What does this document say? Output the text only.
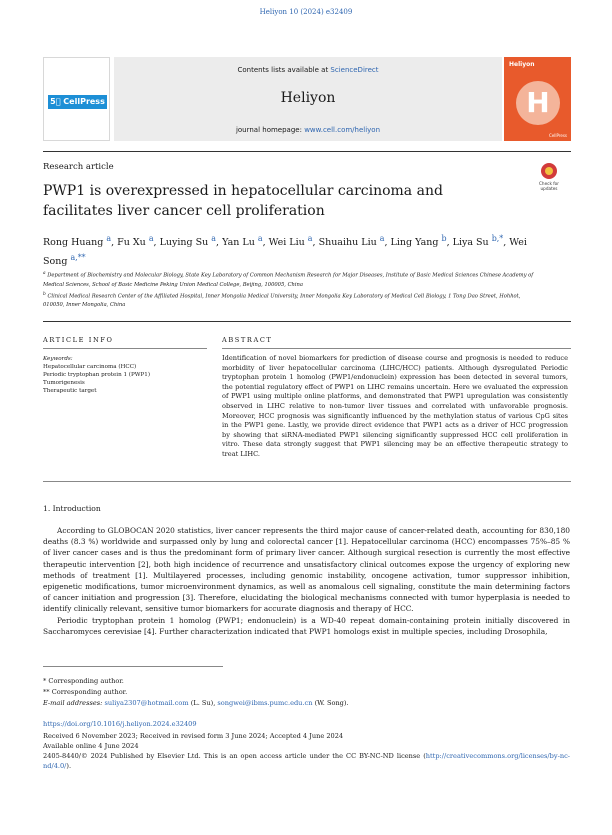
Heliyon 10 (2024) e32409
5⃝ CellPress
Contents lists available at ScienceDirect
Heliyon
journal homepage: www.cell.com/heliyon
Heliyon
H
CellPress
Research article
PWP1 is overexpressed in hepatocellular carcinoma and facilitates liver cancer cell proliferation
Check for updates
Rong Huang $^a$, Fu Xu $^a$, Luying Su $^a$, Yan Lu $^a$, Wei Liu $^a$, Shuaihu Liu $^a$, Ling Yang $^b$, Liya Su $^{b,*}$, Wei Song $^{a,**}$
$^a$ Department of Biochemistry and Molecular Biology, State Key Laboratory of Common Mechanism Research for Major Diseases, Institute of Basic Medical Sciences Chinese Academy of Medical Sciences, School of Basic Medicine Peking Union Medical College, Beijing, 100005, China
$^b$ Clinical Medical Research Center of the Affiliated Hospital, Inner Mongolia Medical University, Inner Mongolia Key Laboratory of Medical Cell Biology, 1 Tong Dao Street, Hohhot, 010050, Inner Mongolia, China
ARTICLE INFO	ABSTRACT
Keywords:
Hepatocellular carcinoma (HCC)
Periodic tryptophan protein 1 (PWP1)
Tumorigenesis
Therapeutic target
Identification of novel biomarkers for prediction of disease course and prognosis is needed to reduce morbidity of liver hepatocellular carcinoma (LIHC/HCC) patients. Although dysregulated Periodic tryptophan protein 1 homolog (PWP1/endonuclein) expression has been detected in several tumors, the potential regulatory effect of PWP1 on LIHC remains uncertain. Here we evaluated the expression of PWP1 using multiple online platforms, and demonstrated that PWP1 upregulation was consistently observed in LIHC relative to non-tumor liver tissues and correlated with unfavorable prognosis. Moreover, HCC prognosis was significantly influenced by the methylation status of various CpG sites in the PWP1 gene. Lastly, we provide direct evidence that PWP1 acts as a driver of HCC progression by showing that siRNA-mediated PWP1 silencing significantly suppressed HCC cell proliferation in vitro. These data strongly suggest that PWP1 silencing may be an effective therapeutic strategy to treat LIHC.
1. Introduction

According to GLOBOCAN 2020 statistics, liver cancer represents the third major cause of cancer-related death, accounting for 830,180 deaths (8.3 %) worldwide and surpassed only by lung and colorectal cancer [1]. Hepatocellular carcinoma (HCC) encompasses 75%–85 % of liver cancer cases and is thus the predominant form of primary liver cancer. Although surgical resection is currently the most effective therapeutic intervention [2], both high incidence of recurrence and unsatisfactory clinical outcomes expose the urgency of exploring new methods of treatment [1]. Multilayered processes, including genomic instability, oncogene activation, tumor suppressor inhibition, epigenetic modifications, tumor microenvironment dynamics, as well as anomalous cell signaling, constitute the main determining factors of cancer initiation and progression [3]. Therefore, elucidating the biological mechanisms connected with tumor hyperplasia is needed to identify clinically relevant, sensitive tumor biomarkers for accurate diagnosis and therapy of HCC.

Periodic tryptophan protein 1 homolog (PWP1; endonuclein) is a WD-40 repeat domain-containing protein initially discovered in Saccharomyces cerevisiae [4]. Further characterization indicated that PWP1 homologs exist in multiple species, including Drosophila,

* Corresponding author.
** Corresponding author.
E-mail addresses: suliya2307@hotmail.com (L. Su), songwei@ibms.pumc.edu.cn (W. Song).
https://doi.org/10.1016/j.heliyon.2024.e32409
Received 6 November 2023; Received in revised form 3 June 2024; Accepted 4 June 2024
Available online 4 June 2024
2405-8440/© 2024 Published by Elsevier Ltd. This is an open access article under the CC BY-NC-ND license (http://creativecommons.org/licenses/by-nc-nd/4.0/).
